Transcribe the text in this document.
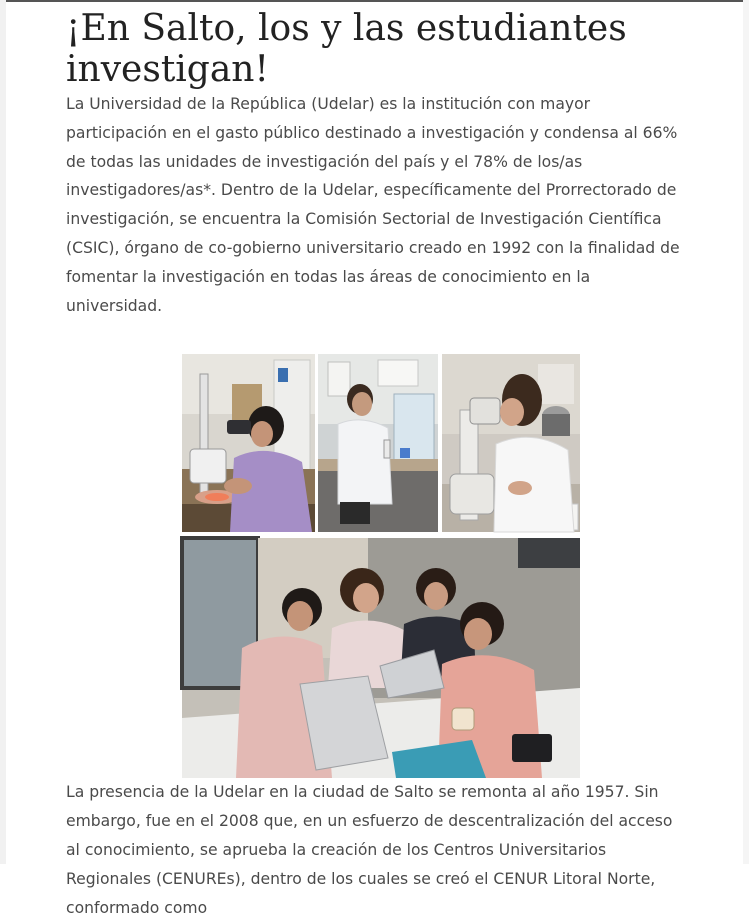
¡En Salto, los y las estudiantes investigan!

La Universidad de la República (Udelar) es la institución con mayor participación en el gasto público destinado a investigación y condensa al 66% de todas las unidades de investigación del país y el 78% de los/as investigadores/as*. Dentro de la Udelar, específicamente del Prorrectorado de investigación, se encuentra la Comisión Sectorial de Investigación Científica (CSIC), órgano de co-gobierno universitario creado en 1992 con la finalidad de fomentar la investigación en todas las áreas de conocimiento en la universidad.

La presencia de la Udelar en la ciudad de Salto se remonta al año 1957. Sin embargo, fue en el 2008 que, en un esfuerzo de descentralización del acceso al conocimiento, se aprueba la creación de los Centros Universitarios Regionales (CENUREs), dentro de los cuales se creó el CENUR Litoral Norte, conformado como
